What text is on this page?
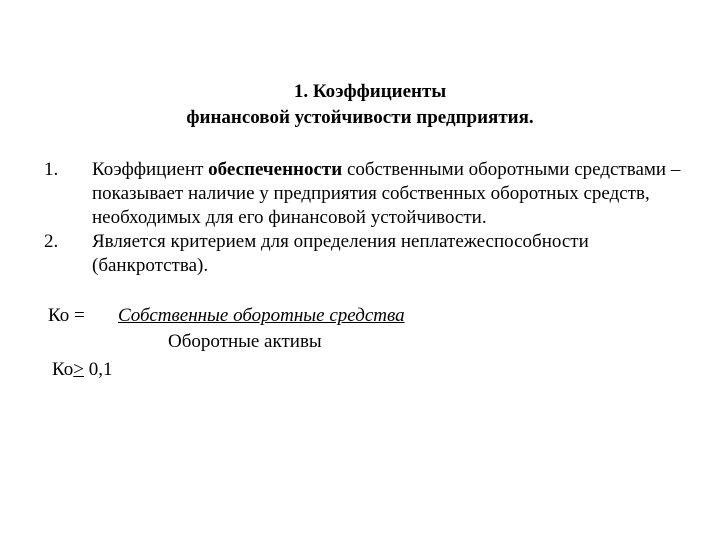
1. Коэффициенты
финансовой устойчивости предприятия.
1. Коэффициент обеспеченности собственными оборотными средствами – показывает наличие у предприятия собственных оборотных средств, необходимых для его финансовой устойчивости.
2. Является критерием для определения неплатежеспособности (банкротства).
Ко = Собственные оборотные средства
Оборотные активы
Ко> 0,1
